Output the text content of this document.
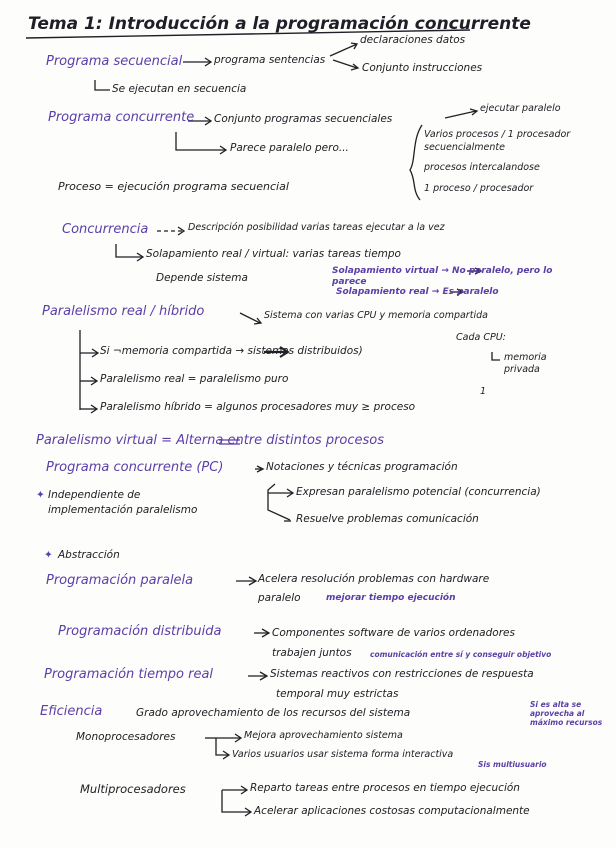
Tema 1: Introducción a la programación concurrente
Programa secuencial	programa sentencias
declaraciones datos
Conjunto instrucciones
Se ejecutan en secuencia
Programa concurrente Conjunto programas secuenciales
ejecutar paralelo
Parece paralelo pero...
Varios procesos / 1 procesador secuencialmente
procesos intercalandose
1 proceso / procesador
Proceso = ejecución programa secuencial
Concurrencia	Descripción posibilidad varias tareas ejecutar a la vez
Solapamiento real / virtual: varias tareas tiempo
Depende sistema
Solapamiento virtual → No paralelo, pero lo parece
Solapamiento real → Es paralelo
Paralelismo real / híbrido	Sistema con varias CPU y memoria compartida
Cada CPU:
memoria privada
Si ¬memoria compartida → sistemas distribuidos)
Paralelismo real = paralelismo puro
Paralelismo híbrido = algunos procesadores muy ≥ proceso
1
Paralelismo virtual = Alterna entre distintos procesos
Programa concurrente (PC)	Notaciones y técnicas programación
Expresan paralelismo potencial (concurrencia)
Resuelve problemas comunicación
Independiente de implementación paralelismo
Abstracción
✦
✦
Programación paralela	Acelera resolución problemas con hardware
paralelo	mejorar tiempo ejecución
Programación distribuida	Componentes software de varios ordenadores
trabajen juntos comunicación entre sí y conseguir objetivo
Programación tiempo real	Sistemas reactivos con restricciones de respuesta
temporal muy estrictas
Eficiencia	Grado aprovechamiento de los recursos del sistema
Si es alta se aprovecha al máximo recursos
Monoprocesadores	Mejora aprovechamiento sistema
Varios usuarios usar sistema forma interactiva
Sis multiusuario
Multiprocesadores	Reparto tareas entre procesos en tiempo ejecución
Acelerar aplicaciones costosas computacionalmente
